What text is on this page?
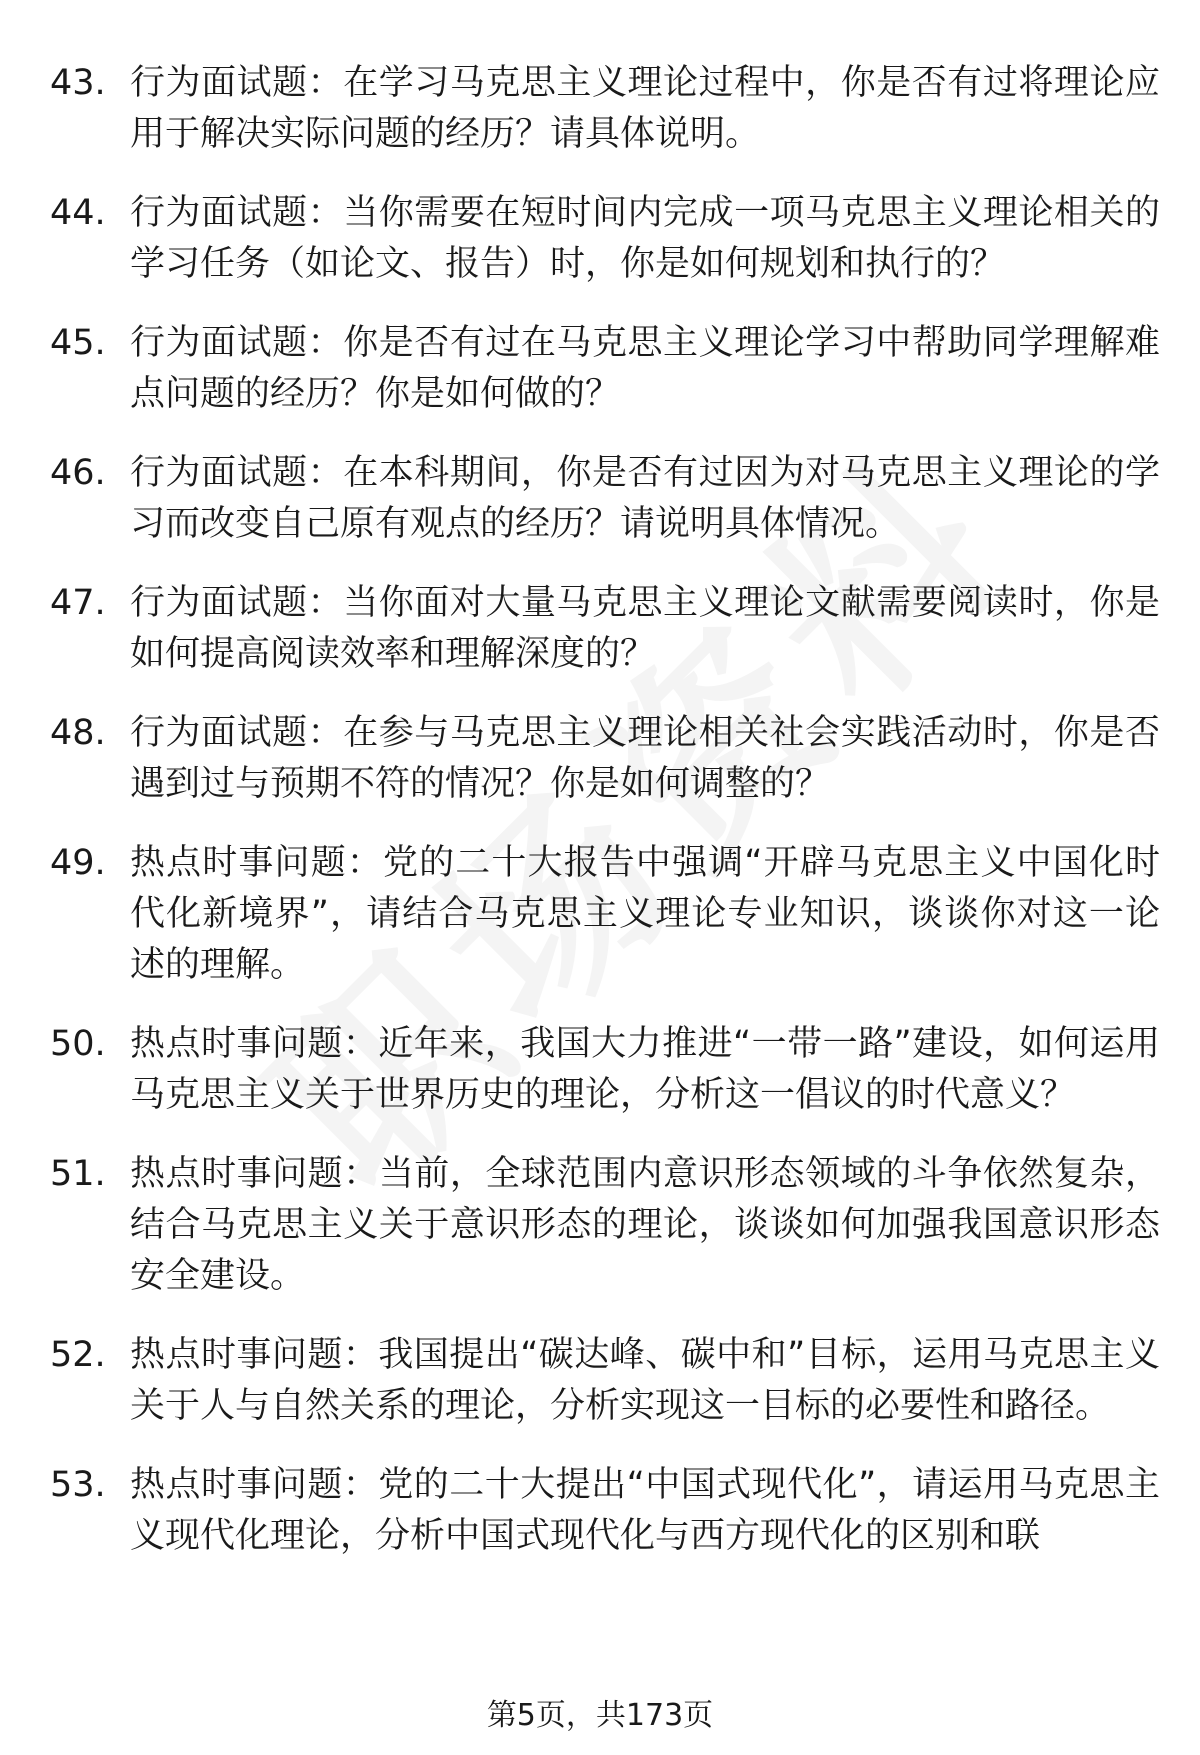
43. 行为面试题：在学习马克思主义理论过程中，你是否有过将理论应用于解决实际问题的经历？请具体说明。
44. 行为面试题：当你需要在短时间内完成一项马克思主义理论相关的学习任务（如论文、报告）时，你是如何规划和执行的？
45. 行为面试题：你是否有过在马克思主义理论学习中帮助同学理解难点问题的经历？你是如何做的？
46. 行为面试题：在本科期间，你是否有过因为对马克思主义理论的学习而改变自己原有观点的经历？请说明具体情况。
47. 行为面试题：当你面对大量马克思主义理论文献需要阅读时，你是如何提高阅读效率和理解深度的？
48. 行为面试题：在参与马克思主义理论相关社会实践活动时，你是否遇到过与预期不符的情况？你是如何调整的？
49. 热点时事问题：党的二十大报告中强调“开辟马克思主义中国化时代化新境界”，请结合马克思主义理论专业知识，谈谈你对这一论述的理解。
50. 热点时事问题：近年来，我国大力推进“一带一路”建设，如何运用马克思主义关于世界历史的理论，分析这一倡议的时代意义？
51. 热点时事问题：当前，全球范围内意识形态领域的斗争依然复杂，结合马克思主义关于意识形态的理论，谈谈如何加强我国意识形态安全建设。
52. 热点时事问题：我国提出“碳达峰、碳中和”目标，运用马克思主义关于人与自然关系的理论，分析实现这一目标的必要性和路径。
53. 热点时事问题：党的二十大提出“中国式现代化”，请运用马克思主义现代化理论，分析中国式现代化与西方现代化的区别和联
第5页，共173页
